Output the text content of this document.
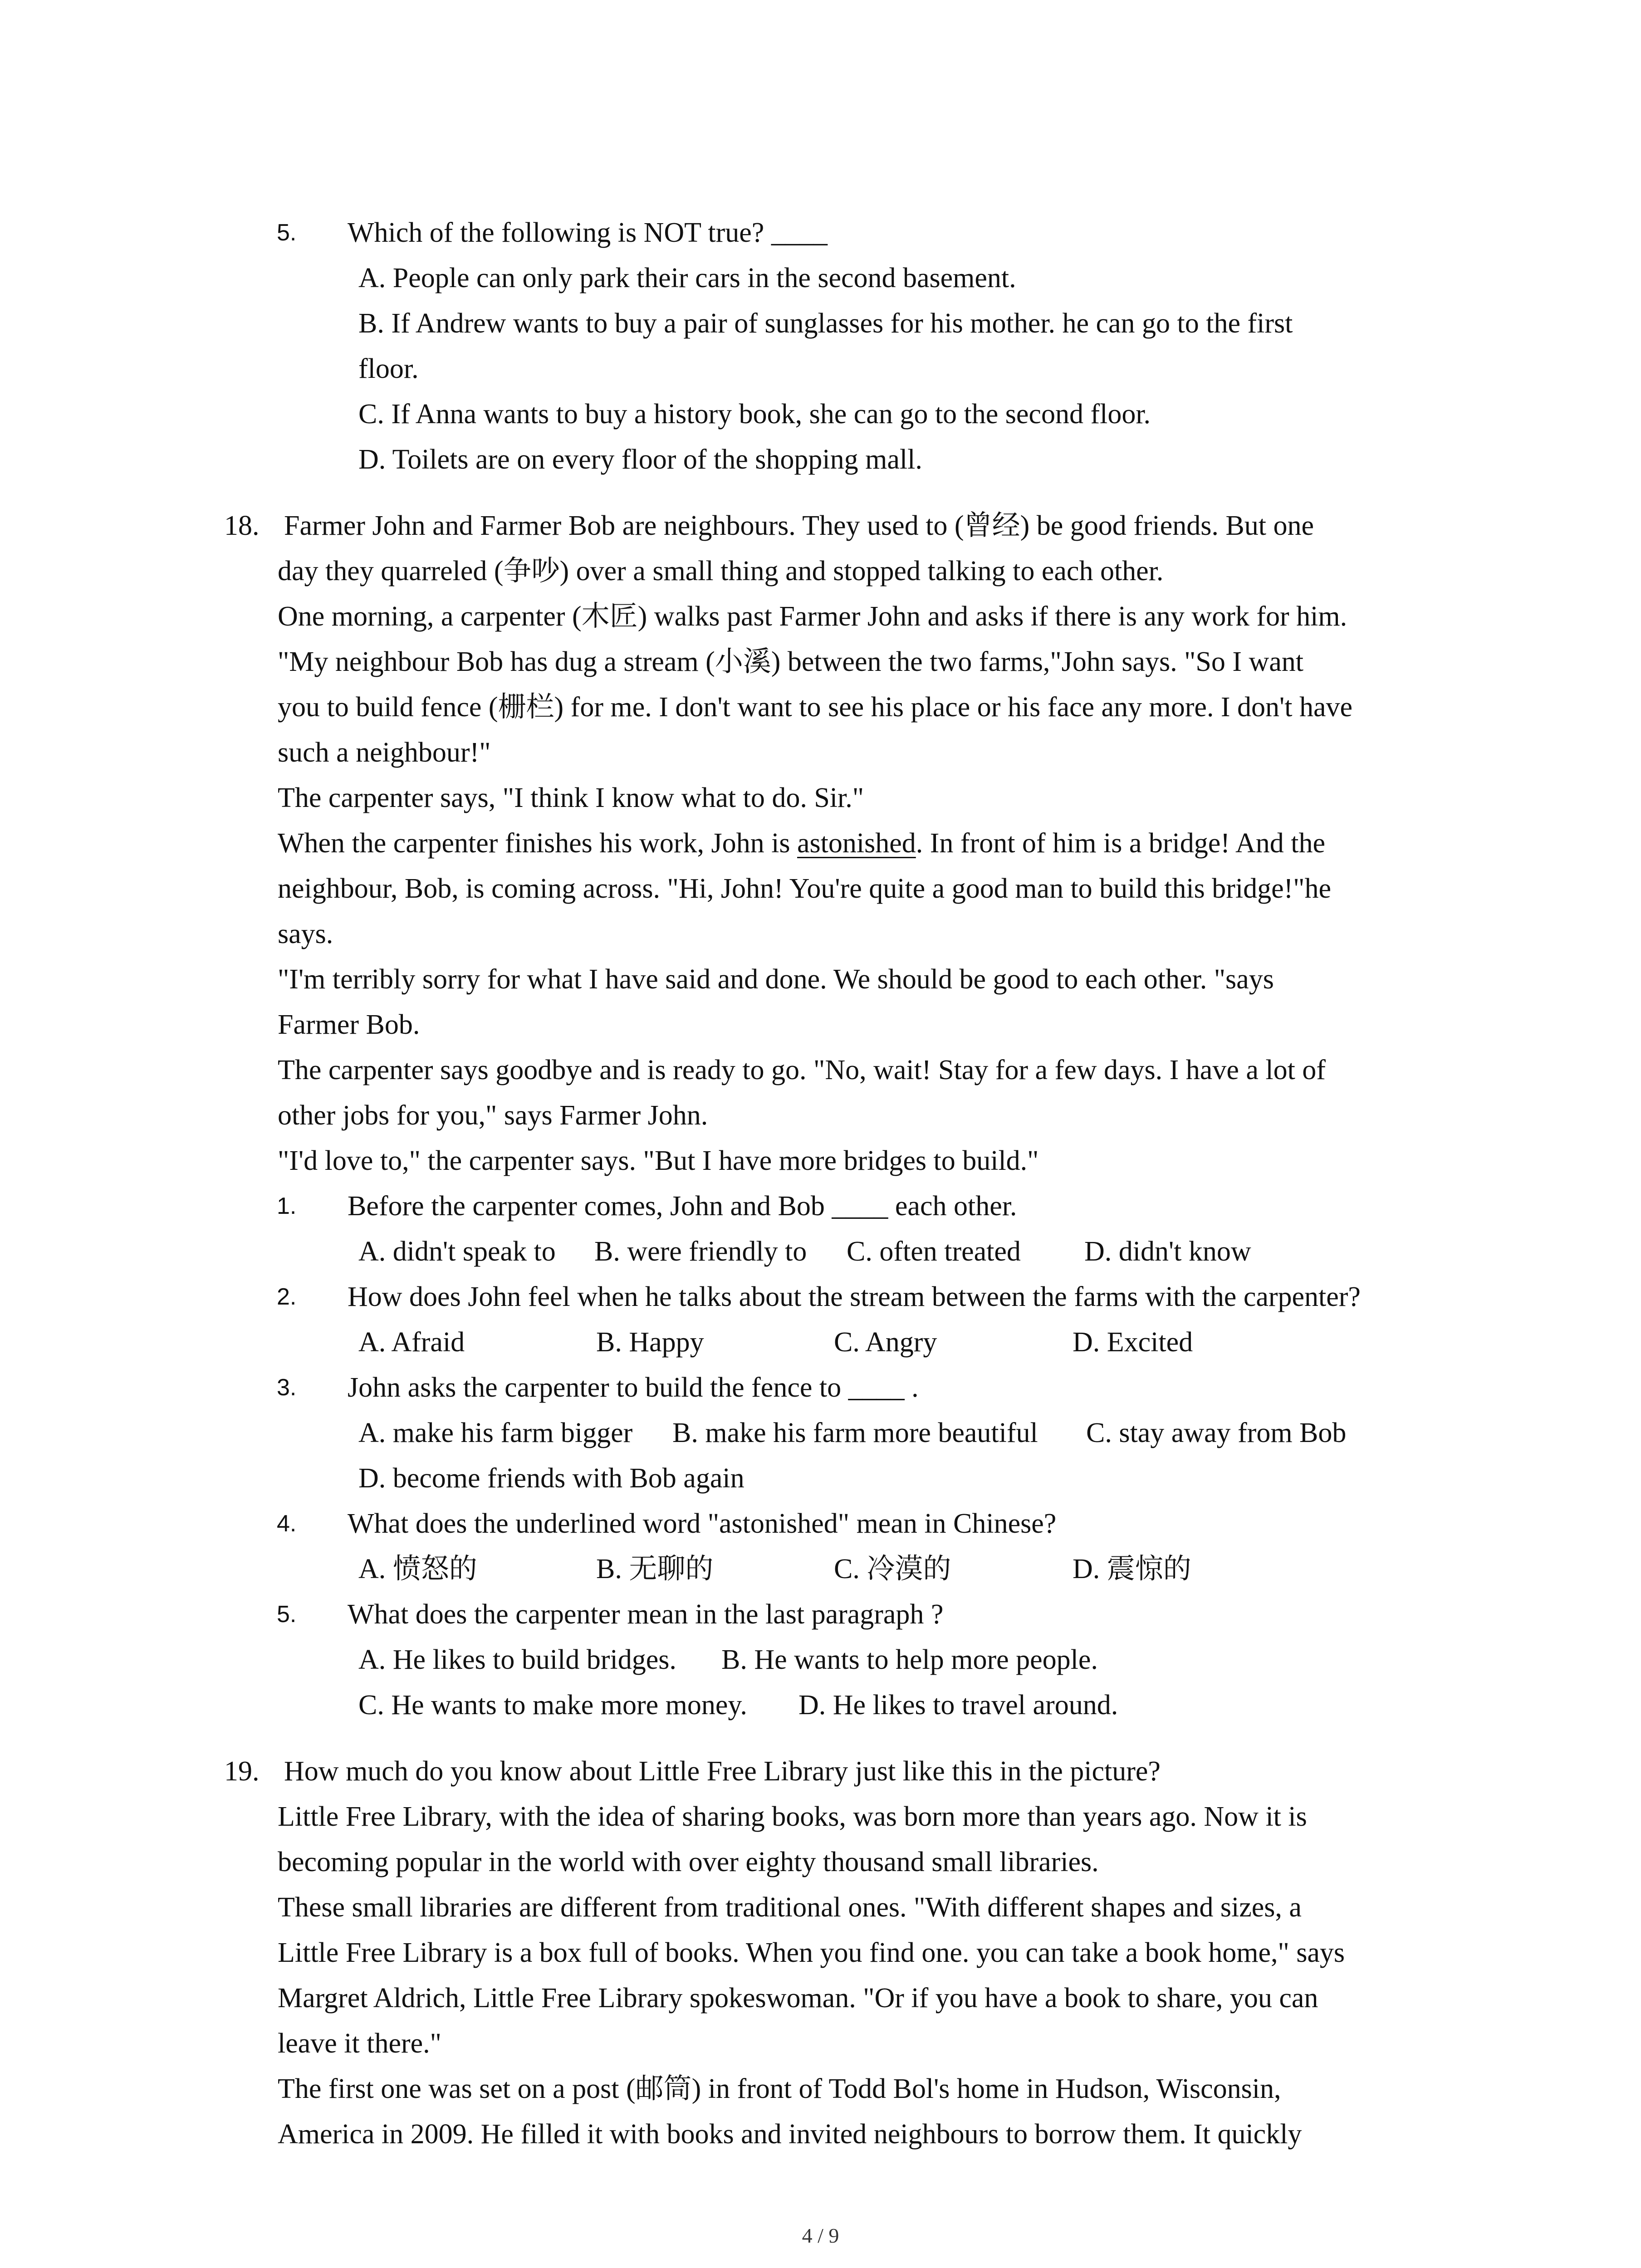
5. Which of the following is NOT true? ____
A. People can only park their cars in the second basement.
B. If Andrew wants to buy a pair of sunglasses for his mother. he can go to the first
floor.
C. If Anna wants to buy a history book, she can go to the second floor.
D. Toilets are on every floor of the shopping mall.
18. Farmer John and Farmer Bob are neighbours. They used to (曾经) be good friends. But one
day they quarreled (争吵) over a small thing and stopped talking to each other.
One morning, a carpenter (木匠) walks past Farmer John and asks if there is any work for him.
"My neighbour Bob has dug a stream (小溪) between the two farms,"John says. "So I want
you to build fence (栅栏) for me. I don't want to see his place or his face any more. I don't have
such a neighbour!"
The carpenter says, "I think I know what to do. Sir."
When the carpenter finishes his work, John is astonished. In front of him is a bridge! And the
neighbour, Bob, is coming across. "Hi, John! You're quite a good man to build this bridge!"he
says.
"I'm terribly sorry for what I have said and done. We should be good to each other. "says
Farmer Bob.
The carpenter says goodbye and is ready to go. "No, wait! Stay for a few days. I have a lot of
other jobs for you," says Farmer John.
"I'd love to," the carpenter says. "But I have more bridges to build."
1. Before the carpenter comes, John and Bob ____ each other.
A. didn't speak to B. were friendly to C. often treated D. didn't know
2. How does John feel when he talks about the stream between the farms with the carpenter?
A. Afraid	B. Happy	C. Angry	D. Excited
3. John asks the carpenter to build the fence to ____ .
A. make his farm bigger B. make his farm more beautiful C. stay away from Bob
D. become friends with Bob again
4. What does the underlined word "astonished" mean in Chinese?
A. 愤怒的	B. 无聊的	C. 冷漠的	D. 震惊的
5. What does the carpenter mean in the last paragraph ?
A. He likes to build bridges. B. He wants to help more people.
C. He wants to make more money. D. He likes to travel around.
19. How much do you know about Little Free Library just like this in the picture?
Little Free Library, with the idea of sharing books, was born more than years ago. Now it is
becoming popular in the world with over eighty thousand small libraries.
These small libraries are different from traditional ones. "With different shapes and sizes, a
Little Free Library is a box full of books. When you find one. you can take a book home," says
Margret Aldrich, Little Free Library spokeswoman. "Or if you have a book to share, you can
leave it there."
The first one was set on a post (邮筒) in front of Todd Bol's home in Hudson, Wisconsin,
America in 2009. He filled it with books and invited neighbours to borrow them. It quickly
4 / 9
